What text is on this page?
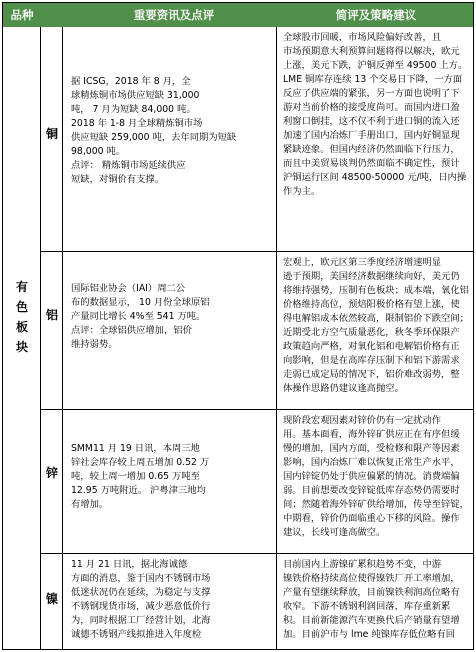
品种	重要资讯及点评	简评及策略建议
有
色
板
块
铜
据 ICSG，2018 年 8 月，全
球精炼铜市场供应短缺 31,000
吨， 7 月为短缺 84,000 吨。
2018 年 1-8 月全球精炼铜市场
供应短缺 259,000 吨，去年同期为短缺
98,000 吨。
点评： 精炼铜市场延续供应
短缺，对铜价有支撑。
全球股市回暖，市场风险偏好改善，且
市场预期意大利预算问题将得以解决，欧元
上涨，美元下跌，沪铜反弹至 49500 上方。
LME 铜库存连续 13 个交易日下降，一方面
反应了供应端的紧张，另一方面也说明了下
游对当前价格的接受度尚可。而国内进口盈
利窗口倒挂，这不仅不利于进口铜的流入还
加速了国内冶炼厂手册出口，国内好铜显现
紧缺迹象。但国内经济仍然面临下行压力，
而且中美贸易谈判仍然面临不确定性，预计
沪铜运行区间 48500-50000 元/吨，日内操
作为主。
铝
国际铝业协会（IAI）周二公
布的数据显示， 10 月份全球原铝
产量同比增长 4%至 541 万吨。
点评：全球铝供应增加，铝价
维持弱势。
宏观上，欧元区第三季度经济增速明显
逊于预期，美国经济数据继续向好，美元仍
将维持强势，压制有色板块；成本端，氧化铝
价格维持高位，预焙阳极价格有望上涨，使
得电解铝成本依然较高，限制铝价下跌空间；
近期受北方空气质量恶化，秋冬季环保限产
政策趋向严格，对氧化铝和电解铝价格有正
向影响，但是在高库存压制下和铝下游需求
走弱已成定局的情况下，铝价难改弱势，整
体操作思路仍建议逢高抛空。
锌
SMM11 月 19 日讯，本周三地
锌社会库存较上周五增加 0.52 万
吨，较上周一增加 0.65 万吨至
12.95 万吨附近。 沪粤津三地均
有增加。
现阶段宏观因素对锌价仍有一定扰动作
用。基本面看，海外锌矿供应正在有序但缓
慢的增加，国内方面，受检修和限产等因素
影响，国内冶炼厂难以恢复正常生产水平，
国内锌锭仍处于供应偏紧的情况。消费端偏
弱。目前想要改变锌锭低库存态势仍需要时
间；然随着海外锌矿供给增加，传导至锌锭，
中期看，锌价仍面临重心下移的风险。操作
建议，长线可逢高做空。
镍
11 月 21 日讯，据北海诚德
方面的消息，鉴于国内不锈钢市场
低迷状况仍在延续，为稳定与支撑
不锈钢现货市场，减少恶意低价行
为，同时根据工厂经营计划，北海
诚德不锈钢产线拟推进入年度检
目前国内上游镍矿累积趋势不变，中游
镍铁价格持续高位使得镍铁厂开工率增加，
产量有望继续释放，目前镍铁利润高位略有
收窄。下游不锈钢利润回落，库存重新累
积。目前新能源汽车更换代后产销量有望增
加。目前沪市与 lme 纯镍库存低位略有回
